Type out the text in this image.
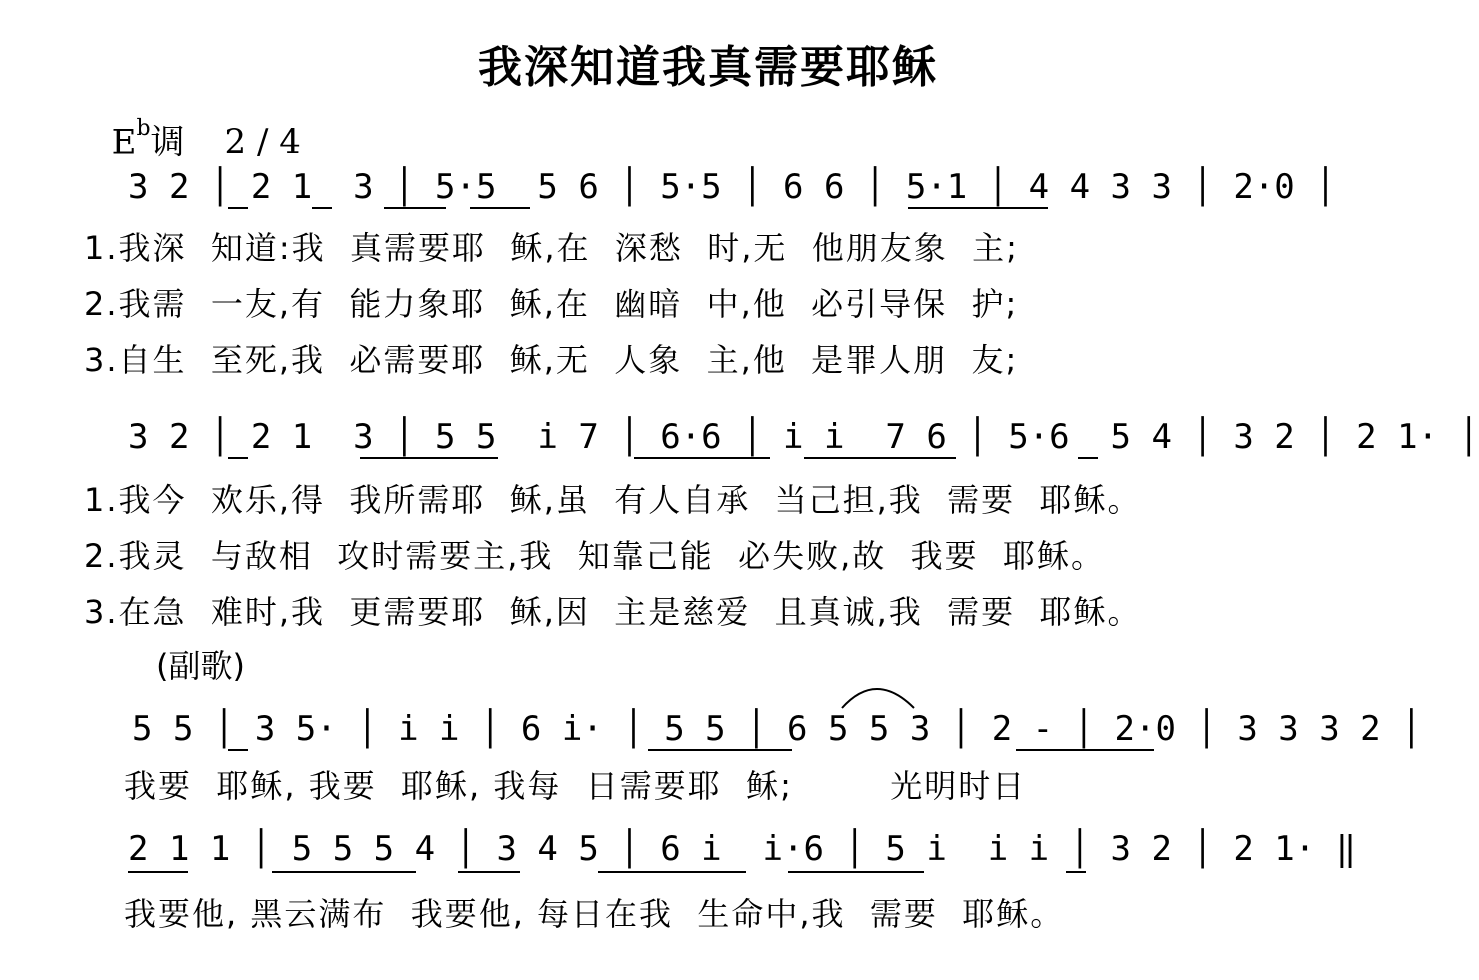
我深知道我真需要耶稣

$E^b$调 2 / 4

3 2 │ 2 1  3 │ 5·5  5 6 │ 5·5 │ 6 6 │ 5·1 │ 4 4 3 3 │ 2·0 │
1.我深  知道:我  真需要耶  稣,在  深愁  时,无  他朋友象  主;
2.我需  一友,有  能力象耶  稣,在  幽暗  中,他  必引导保  护;
3.自生  至死,我  必需要耶  稣,无  人象  主,他  是罪人朋  友;
3 2 │ 2 1  3 │ 5 5  i 7 │ 6·6 │ i i  7 6 │ 5·6  5 4 │ 3 2 │ 2 1· │
1.我今  欢乐,得  我所需耶  稣,虽  有人自承  当己担,我  需要  耶稣。
2.我灵  与敌相  攻时需要主,我  知靠己能  必失败,故  我要  耶稣。
3.在急  难时,我  更需要耶  稣,因  主是慈爱  且真诚,我  需要  耶稣。
(副歌)
5 5 │ 3 5· │ i i │ 6 i· │ 5 5 │ 6 5 5 3 │ 2 - │ 2·0 │ 3 3 3 2 │
我要  耶稣, 我要  耶稣, 我每  日需要耶  稣;        光明时日
2 1 1 │ 5 5 5 4 │ 3 4 5 │ 6 i  i·6 │ 5 i  i i │ 3 2 │ 2 1· ‖
我要他, 黑云满布  我要他, 每日在我  生命中,我  需要  耶稣。
